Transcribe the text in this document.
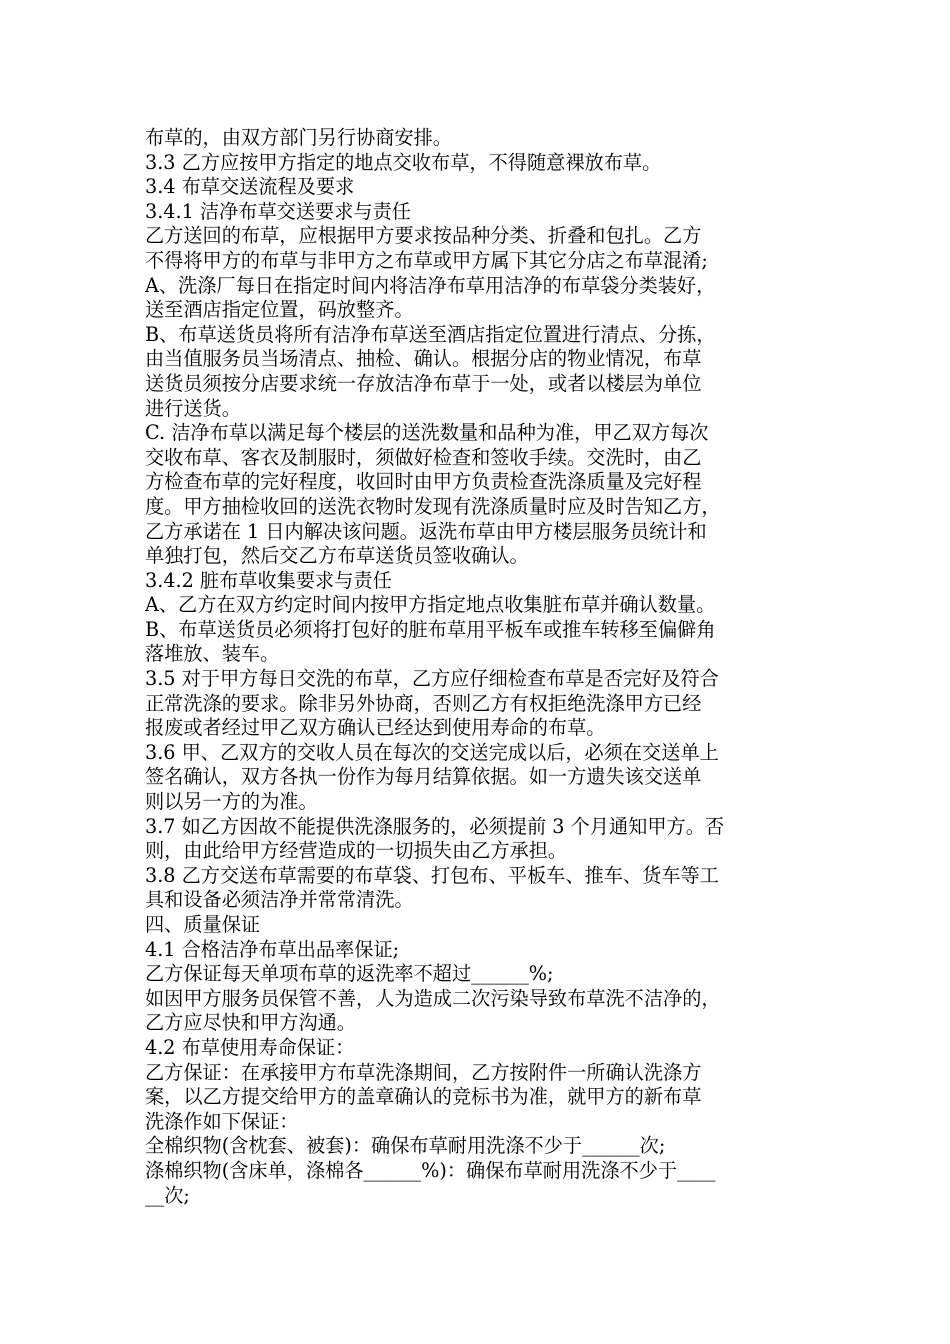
布草的，由双方部门另行协商安排。
3.3 乙方应按甲方指定的地点交收布草，不得随意裸放布草。
3.4 布草交送流程及要求
3.4.1 洁净布草交送要求与责任
乙方送回的布草，应根据甲方要求按品种分类、折叠和包扎。乙方
不得将甲方的布草与非甲方之布草或甲方属下其它分店之布草混淆;
A、洗涤厂每日在指定时间内将洁净布草用洁净的布草袋分类装好，
送至酒店指定位置，码放整齐。
B、布草送货员将所有洁净布草送至酒店指定位置进行清点、分拣，
由当值服务员当场清点、抽检、确认。根据分店的物业情况，布草
送货员须按分店要求统一存放洁净布草于一处，或者以楼层为单位
进行送货。
C. 洁净布草以满足每个楼层的送洗数量和品种为准，甲乙双方每次
交收布草、客衣及制服时，须做好检查和签收手续。交洗时，由乙
方检查布草的完好程度，收回时由甲方负责检查洗涤质量及完好程
度。甲方抽检收回的送洗衣物时发现有洗涤质量时应及时告知乙方，
乙方承诺在 1 日内解决该问题。返洗布草由甲方楼层服务员统计和
单独打包，然后交乙方布草送货员签收确认。
3.4.2 脏布草收集要求与责任
A、乙方在双方约定时间内按甲方指定地点收集脏布草并确认数量。
B、布草送货员必须将打包好的脏布草用平板车或推车转移至偏僻角
落堆放、装车。
3.5 对于甲方每日交洗的布草，乙方应仔细检查布草是否完好及符合
正常洗涤的要求。除非另外协商，否则乙方有权拒绝洗涤甲方已经
报废或者经过甲乙双方确认已经达到使用寿命的布草。
3.6 甲、乙双方的交收人员在每次的交送完成以后，必须在交送单上
签名确认，双方各执一份作为每月结算依据。如一方遗失该交送单
则以另一方的为准。
3.7 如乙方因故不能提供洗涤服务的，必须提前 3 个月通知甲方。否
则，由此给甲方经营造成的一切损失由乙方承担。
3.8 乙方交送布草需要的布草袋、打包布、平板车、推车、货车等工
具和设备必须洁净并常常清洗。
四、质量保证
4.1 合格洁净布草出品率保证;
乙方保证每天单项布草的返洗率不超过______%;
如因甲方服务员保管不善，人为造成二次污染导致布草洗不洁净的，
乙方应尽快和甲方沟通。
4.2 布草使用寿命保证：
乙方保证：在承接甲方布草洗涤期间，乙方按附件一所确认洗涤方
案，以乙方提交给甲方的盖章确认的竞标书为准，就甲方的新布草
洗涤作如下保证：
全棉织物(含枕套、被套)：确保布草耐用洗涤不少于______次;
涤棉织物(含床单，涤棉各______%)：确保布草耐用洗涤不少于____
__次;
